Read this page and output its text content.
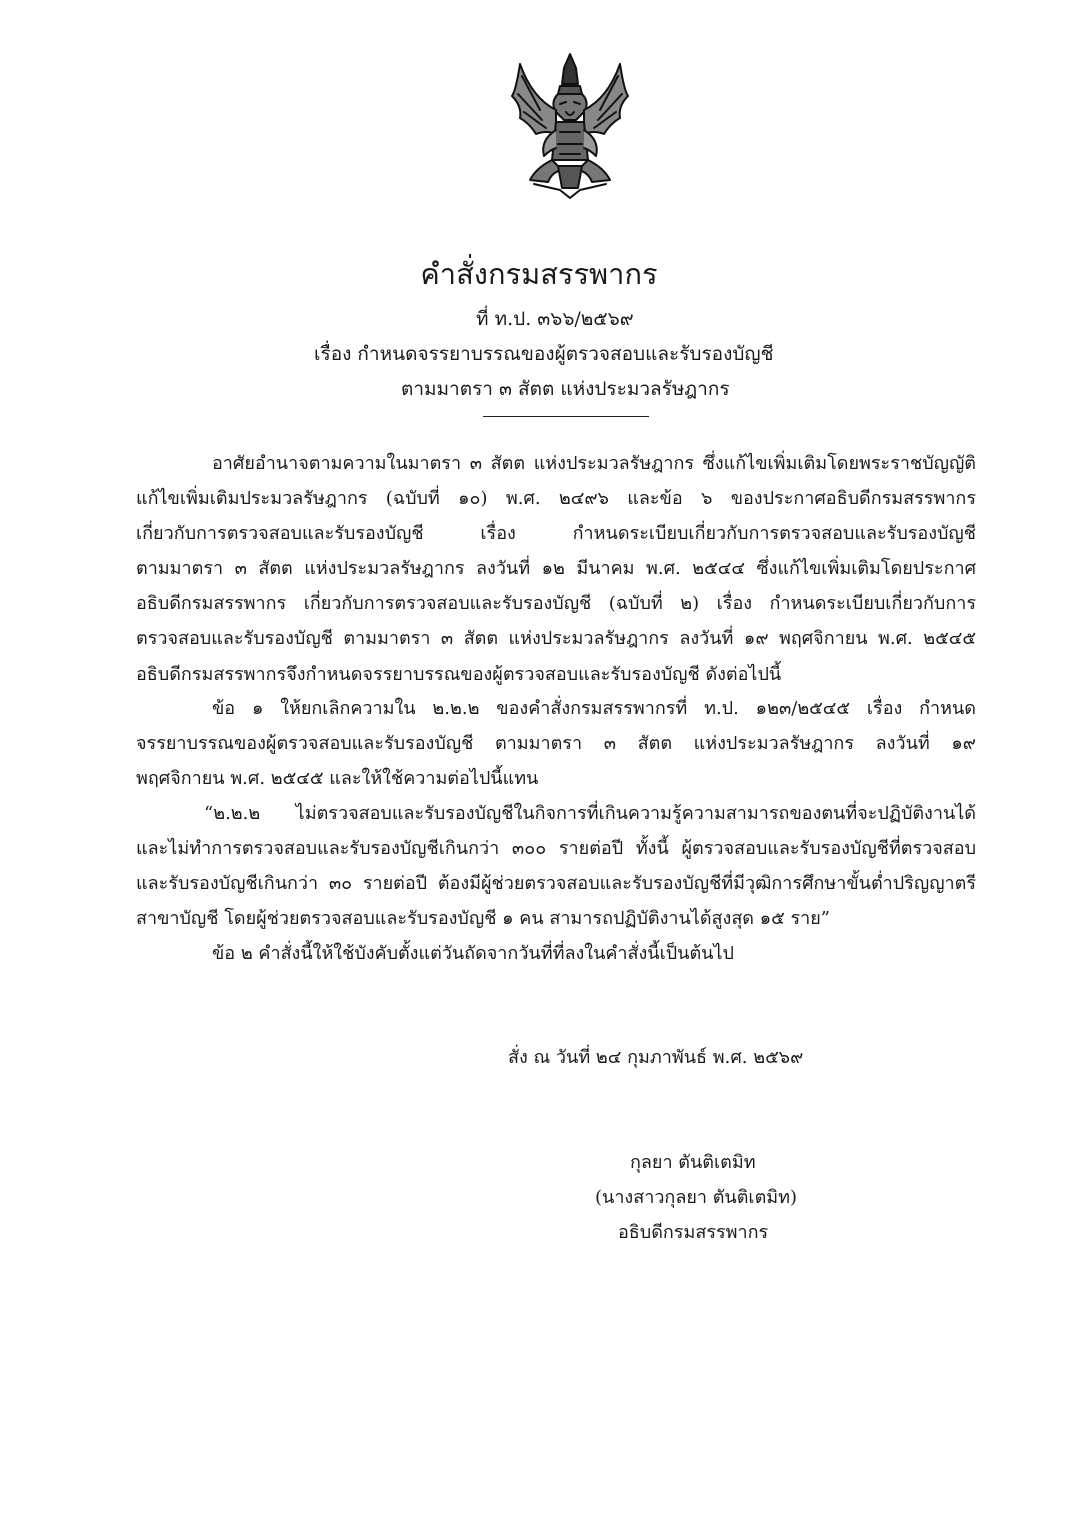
คำสั่งกรมสรรพากร
ที่ ท.ป. ๓๖๖/๒๕๖๙
เรื่อง กำหนดจรรยาบรรณของผู้ตรวจสอบและรับรองบัญชี
ตามมาตรา ๓ สัตต แห่งประมวลรัษฎากร
อาศัยอำนาจตามความในมาตรา ๓ สัตต แห่งประมวลรัษฎากร ซึ่งแก้ไขเพิ่มเติมโดยพระราชบัญญัติ
แก้ไขเพิ่มเติมประมวลรัษฎากร (ฉบับที่ ๑๐) พ.ศ. ๒๔๙๖ และข้อ ๖ ของประกาศอธิบดีกรมสรรพากร
เกี่ยวกับการตรวจสอบและรับรองบัญชี เรื่อง กำหนดระเบียบเกี่ยวกับการตรวจสอบและรับรองบัญชี
ตามมาตรา ๓ สัตต แห่งประมวลรัษฎากร ลงวันที่ ๑๒ มีนาคม พ.ศ. ๒๕๔๔ ซึ่งแก้ไขเพิ่มเติมโดยประกาศ
อธิบดีกรมสรรพากร เกี่ยวกับการตรวจสอบและรับรองบัญชี (ฉบับที่ ๒) เรื่อง กำหนดระเบียบเกี่ยวกับการ
ตรวจสอบและรับรองบัญชี ตามมาตรา ๓ สัตต แห่งประมวลรัษฎากร ลงวันที่ ๑๙ พฤศจิกายน พ.ศ. ๒๕๔๕
อธิบดีกรมสรรพากรจึงกำหนดจรรยาบรรณของผู้ตรวจสอบและรับรองบัญชี ดังต่อไปนี้
ข้อ ๑ ให้ยกเลิกความใน ๒.๒.๒ ของคำสั่งกรมสรรพากรที่ ท.ป. ๑๒๓/๒๕๔๕ เรื่อง กำหนด
จรรยาบรรณของผู้ตรวจสอบและรับรองบัญชี ตามมาตรา ๓ สัตต แห่งประมวลรัษฎากร ลงวันที่ ๑๙
พฤศจิกายน พ.ศ. ๒๕๔๕ และให้ใช้ความต่อไปนี้แทน
“๒.๒.๒ ไม่ตรวจสอบและรับรองบัญชีในกิจการที่เกินความรู้ความสามารถของตนที่จะปฏิบัติงานได้
และไม่ทำการตรวจสอบและรับรองบัญชีเกินกว่า ๓๐๐ รายต่อปี ทั้งนี้ ผู้ตรวจสอบและรับรองบัญชีที่ตรวจสอบ
และรับรองบัญชีเกินกว่า ๓๐ รายต่อปี ต้องมีผู้ช่วยตรวจสอบและรับรองบัญชีที่มีวุฒิการศึกษาขั้นต่ำปริญญาตรี
สาขาบัญชี โดยผู้ช่วยตรวจสอบและรับรองบัญชี ๑ คน สามารถปฏิบัติงานได้สูงสุด ๑๕ ราย”
ข้อ ๒ คำสั่งนี้ให้ใช้บังคับตั้งแต่วันถัดจากวันที่ที่ลงในคำสั่งนี้เป็นต้นไป
สั่ง ณ วันที่ ๒๔ กุมภาพันธ์ พ.ศ. ๒๕๖๙
กุลยา ตันติเตมิท
(นางสาวกุลยา ตันติเตมิท)
อธิบดีกรมสรรพากร
